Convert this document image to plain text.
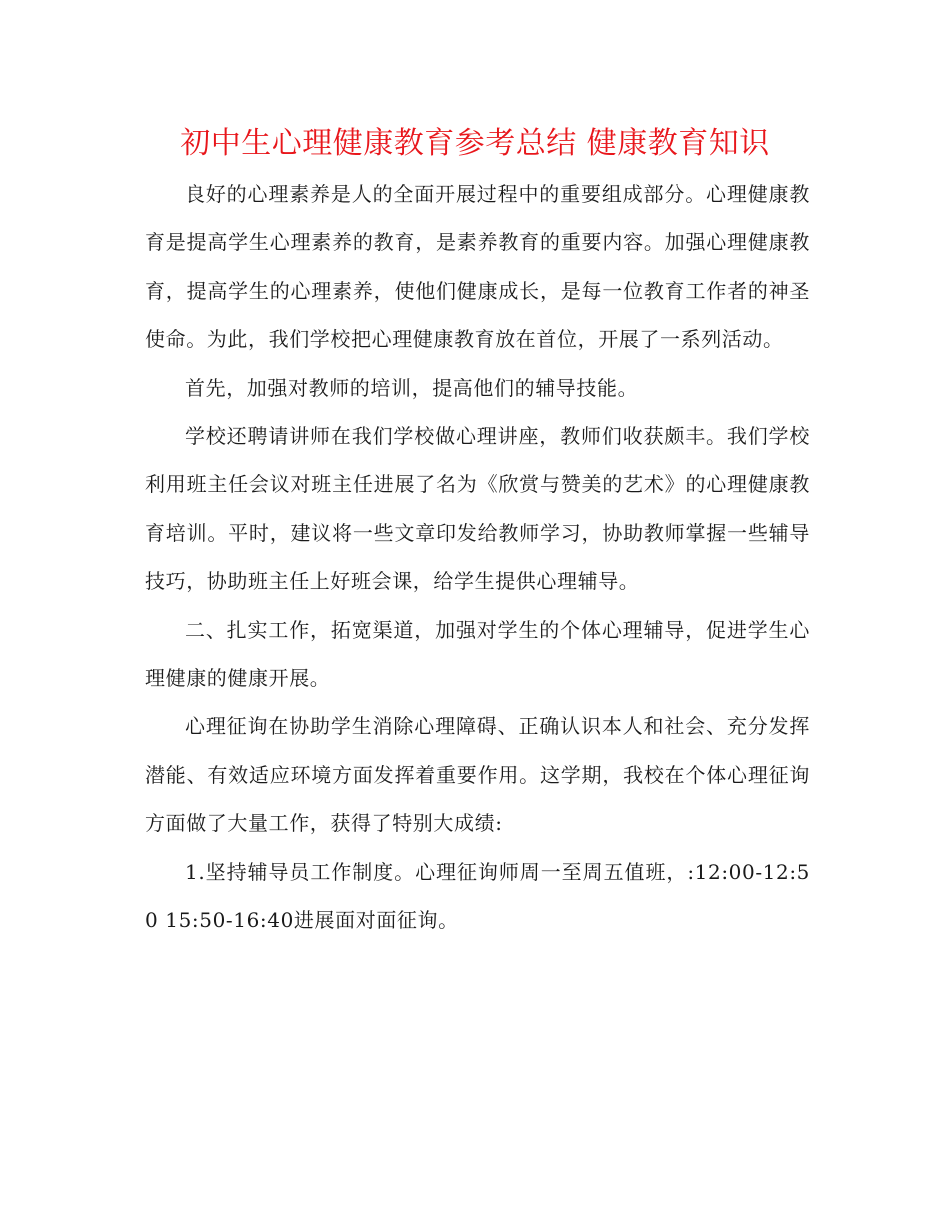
初中生心理健康教育参考总结 健康教育知识

良好的心理素养是人的全面开展过程中的重要组成部分。心理健康教育是提高学生心理素养的教育，是素养教育的重要内容。加强心理健康教育，提高学生的心理素养，使他们健康成长，是每一位教育工作者的神圣使命。为此，我们学校把心理健康教育放在首位，开展了一系列活动。

首先，加强对教师的培训，提高他们的辅导技能。

学校还聘请讲师在我们学校做心理讲座，教师们收获颇丰。我们学校利用班主任会议对班主任进展了名为《欣赏与赞美的艺术》的心理健康教育培训。平时，建议将一些文章印发给教师学习，协助教师掌握一些辅导技巧，协助班主任上好班会课，给学生提供心理辅导。

二、扎实工作，拓宽渠道，加强对学生的个体心理辅导，促进学生心理健康的健康开展。

心理征询在协助学生消除心理障碍、正确认识本人和社会、充分发挥潜能、有效适应环境方面发挥着重要作用。这学期，我校在个体心理征询方面做了大量工作，获得了特别大成绩:

1.坚持辅导员工作制度。心理征询师周一至周五值班，:12:00-12:50 15:50-16:40进展面对面征询。
